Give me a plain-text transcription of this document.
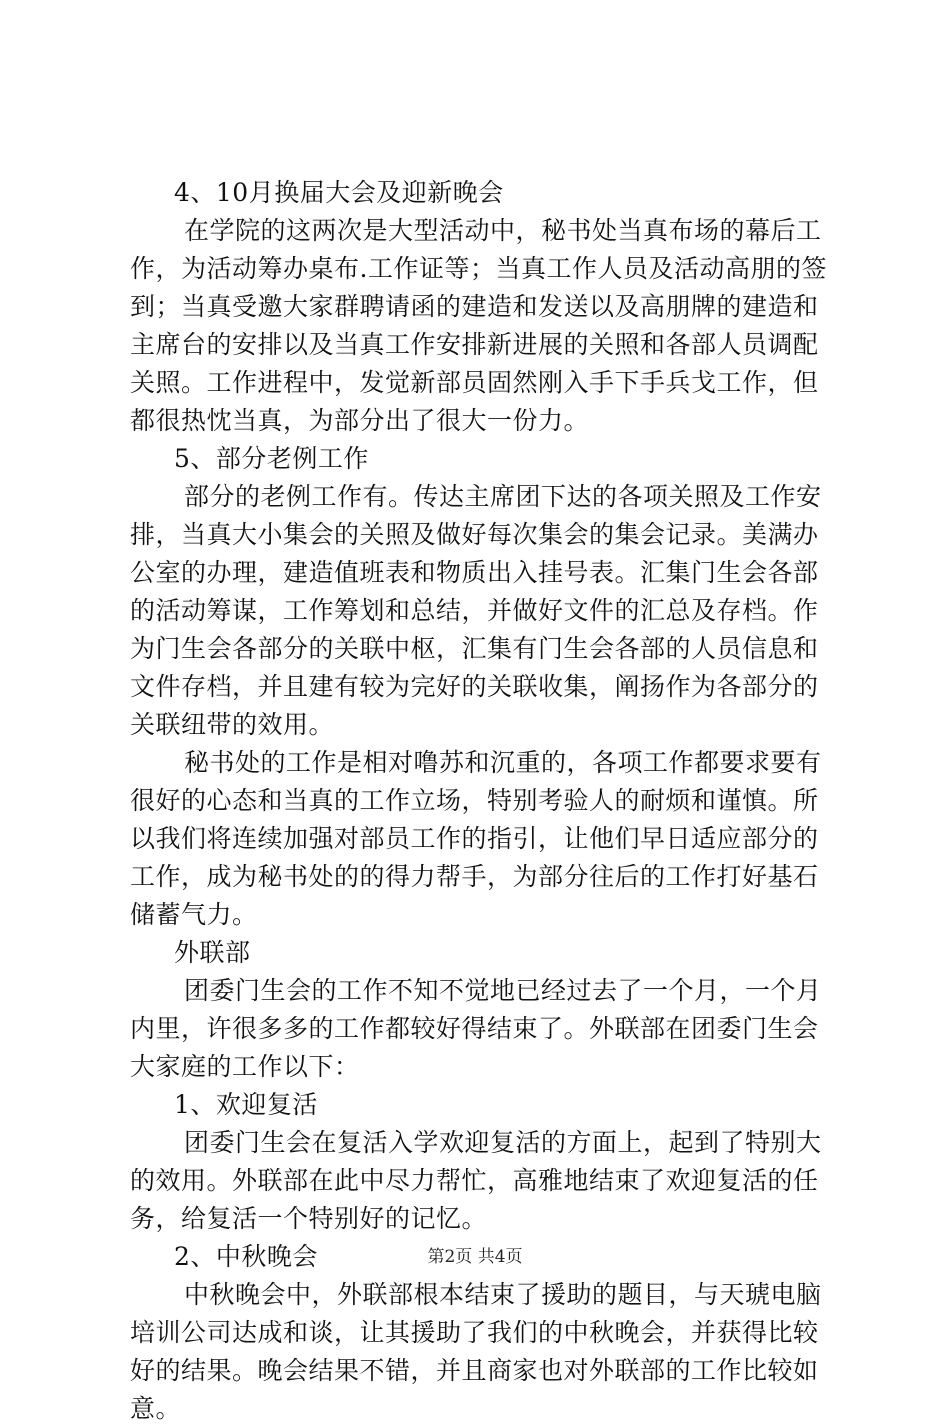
4、10月换届大会及迎新晚会

在学院的这两次是大型活动中，秘书处当真布场的幕后工

作，为活动筹办桌布.工作证等；当真工作人员及活动高朋的签

到；当真受邀大家群聘请函的建造和发送以及高朋牌的建造和

主席台的安排以及当真工作安排新进展的关照和各部人员调配

关照。工作进程中，发觉新部员固然刚入手下手兵戈工作，但

都很热忱当真，为部分出了很大一份力。

5、部分老例工作

部分的老例工作有。传达主席团下达的各项关照及工作安

排，当真大小集会的关照及做好每次集会的集会记录。美满办

公室的办理，建造值班表和物质出入挂号表。汇集门生会各部

的活动筹谋，工作筹划和总结，并做好文件的汇总及存档。作

为门生会各部分的关联中枢，汇集有门生会各部的人员信息和

文件存档，并且建有较为完好的关联收集，阐扬作为各部分的

关联纽带的效用。

秘书处的工作是相对噜苏和沉重的，各项工作都要求要有

很好的心态和当真的工作立场，特别考验人的耐烦和谨慎。所

以我们将连续加强对部员工作的指引，让他们早日适应部分的

工作，成为秘书处的的得力帮手，为部分往后的工作打好基石

储蓄气力。

外联部

团委门生会的工作不知不觉地已经过去了一个月，一个月

内里，许很多多的工作都较好得结束了。外联部在团委门生会

大家庭的工作以下：

1、欢迎复活

团委门生会在复活入学欢迎复活的方面上，起到了特别大

的效用。外联部在此中尽力帮忙，高雅地结束了欢迎复活的任

务，给复活一个特别好的记忆。

2、中秋晚会

中秋晚会中，外联部根本结束了援助的题目，与天琥电脑

培训公司达成和谈，让其援助了我们的中秋晚会，并获得比较

好的结果。晚会结果不错，并且商家也对外联部的工作比较如

意。

第2页 共4页
